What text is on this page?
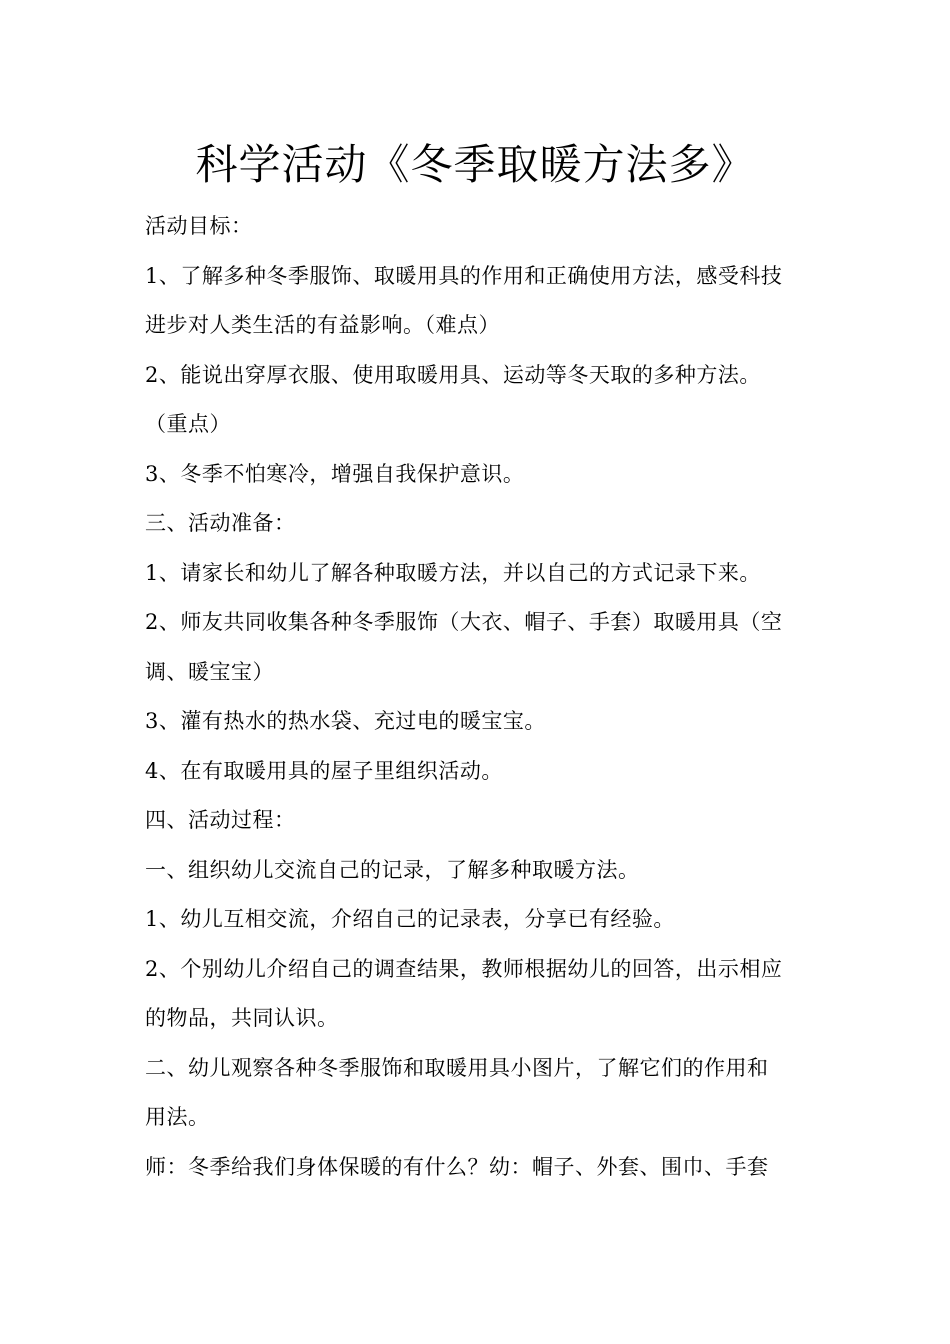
科学活动《冬季取暖方法多》
活动目标：
1、了解多种冬季服饰、取暖用具的作用和正确使用方法，感受科技
进步对人类生活的有益影响。（难点）
2、能说出穿厚衣服、使用取暖用具、运动等冬天取的多种方法。
（重点）
3、冬季不怕寒冷，增强自我保护意识。
三、活动准备：
1、请家长和幼儿了解各种取暖方法，并以自己的方式记录下来。
2、师友共同收集各种冬季服饰（大衣、帽子、手套）取暖用具（空
调、暖宝宝）
3、灌有热水的热水袋、充过电的暖宝宝。
4、在有取暖用具的屋子里组织活动。
四、活动过程：
一、组织幼儿交流自己的记录，了解多种取暖方法。
1、幼儿互相交流，介绍自己的记录表，分享已有经验。
2、个别幼儿介绍自己的调查结果，教师根据幼儿的回答，出示相应
的物品，共同认识。
二、幼儿观察各种冬季服饰和取暖用具小图片，了解它们的作用和
用法。
师：冬季给我们身体保暖的有什么？幼：帽子、外套、围巾、手套
